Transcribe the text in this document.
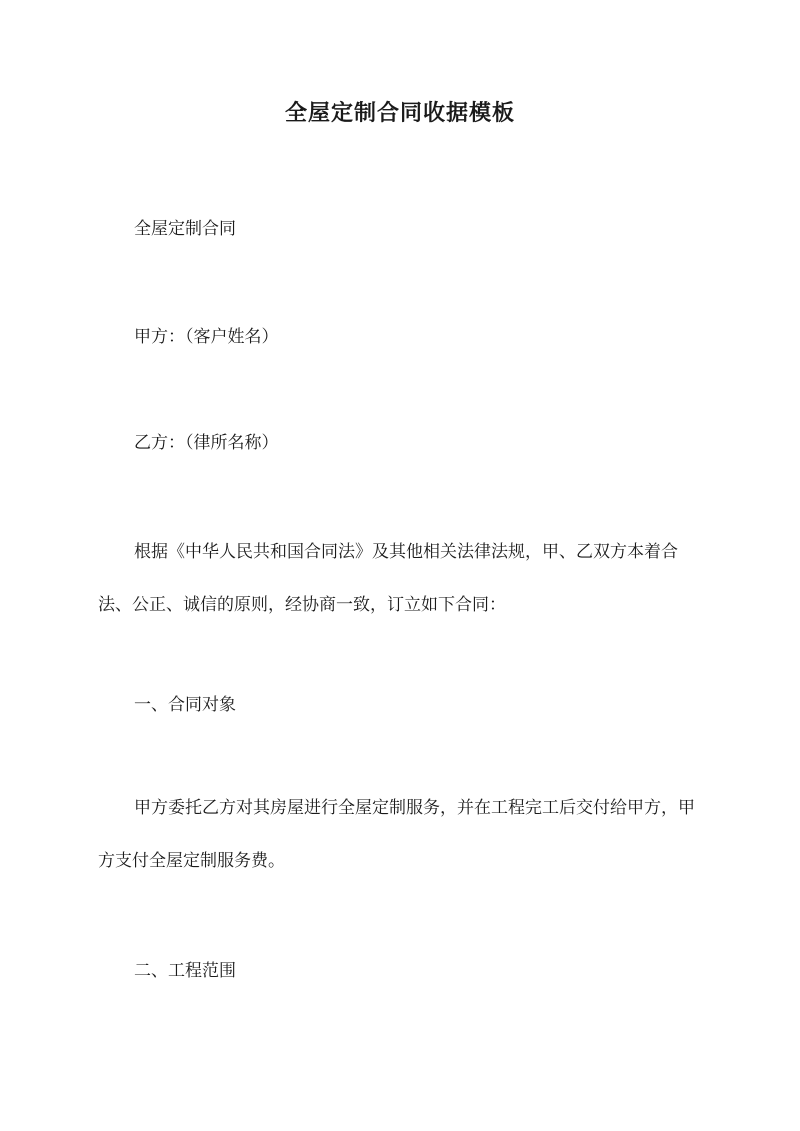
全屋定制合同收据模板

全屋定制合同

甲方：（客户姓名）

乙方：（律所名称）

根据《中华人民共和国合同法》及其他相关法律法规，甲、乙双方本着合法、公正、诚信的原则，经协商一致，订立如下合同：

一、合同对象

甲方委托乙方对其房屋进行全屋定制服务，并在工程完工后交付给甲方，甲方支付全屋定制服务费。

二、工程范围
